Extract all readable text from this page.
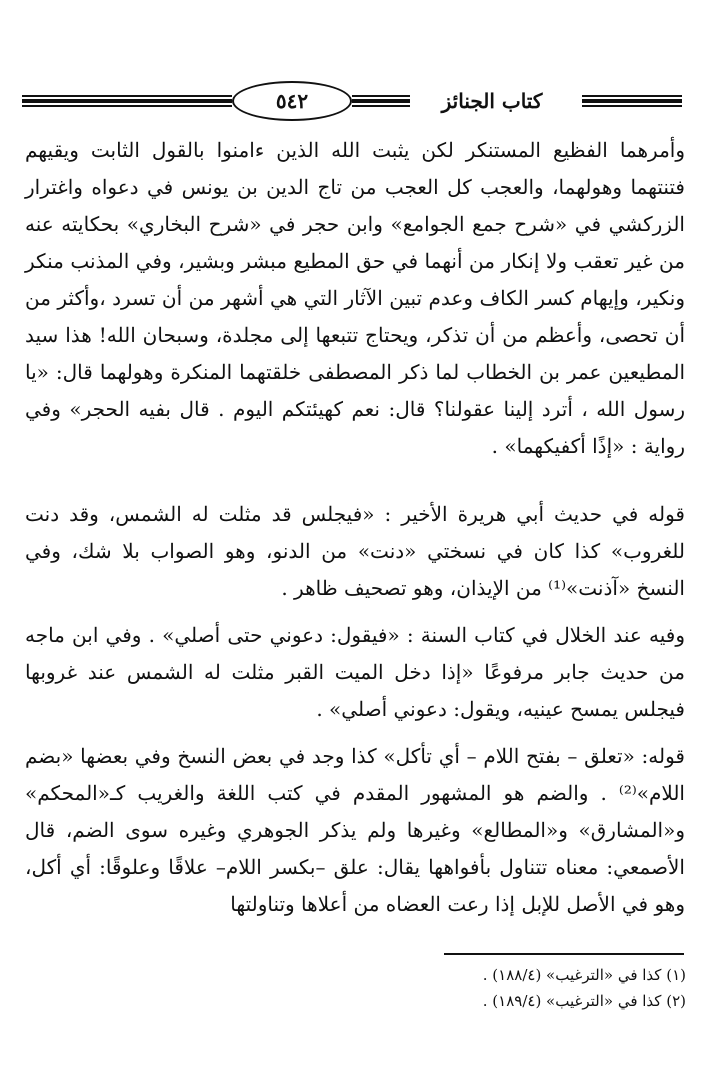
كتاب الجنائز
٥٤٢
وأمرهما الفظيع المستنكر لكن يثبت الله الذين ءامنوا بالقول الثابت ويقيهم فتنتهما وهولهما، والعجب كل العجب من تاج الدين بن يونس في دعواه واغترار الزركشي في «شرح جمع الجوامع» وابن حجر في «شرح البخاري» بحكايته عنه من غير تعقب ولا إنكار من أنهما في حق المطيع مبشر وبشير، وفي المذنب منكر ونكير، وإيهام كسر الكاف وعدم تبين الآثار التي هي أشهر من أن تسرد ،وأكثر من أن تحصى، وأعظم من أن تذكر، ويحتاج تتبعها إلى مجلدة، وسبحان الله! هذا سيد المطيعين عمر بن الخطاب لما ذكر المصطفى خلقتهما المنكرة وهولهما قال: «يا رسول الله ، أترد إلينا عقولنا؟ قال: نعم كهيئتكم اليوم . قال بفيه الحجر» وفي رواية : «إذًا أكفيكهما» .
قوله في حديث أبي هريرة الأخير : «فيجلس قد مثلت له الشمس، وقد دنت للغروب» كذا كان في نسختي «دنت» من الدنو، وهو الصواب بلا شك، وفي النسخ «آذنت»⁽¹⁾ من الإيذان، وهو تصحيف ظاهر .
وفيه عند الخلال في كتاب السنة : «فيقول: دعوني حتى أصلي» . وفي ابن ماجه من حديث جابر مرفوعًا «إذا دخل الميت القبر مثلت له الشمس عند غروبها فيجلس يمسح عينيه، ويقول: دعوني أصلي» .
قوله: «تعلق – بفتح اللام – أي تأكل» كذا وجد في بعض النسخ وفي بعضها «بضم اللام»⁽²⁾ . والضم هو المشهور المقدم في كتب اللغة والغريب كـ«المحكم» و«المشارق» و«المطالع» وغيرها ولم يذكر الجوهري وغيره سوى الضم، قال الأصمعي: معناه تتناول بأفواهها يقال: علق –بكسر اللام– علاقًا وعلوقًا: أي أكل، وهو في الأصل للإبل إذا رعت العضاه من أعلاها وتناولتها
(١) كذا في «الترغيب» (١٨٨/٤) .
(٢) كذا في «الترغيب» (١٨٩/٤) .
